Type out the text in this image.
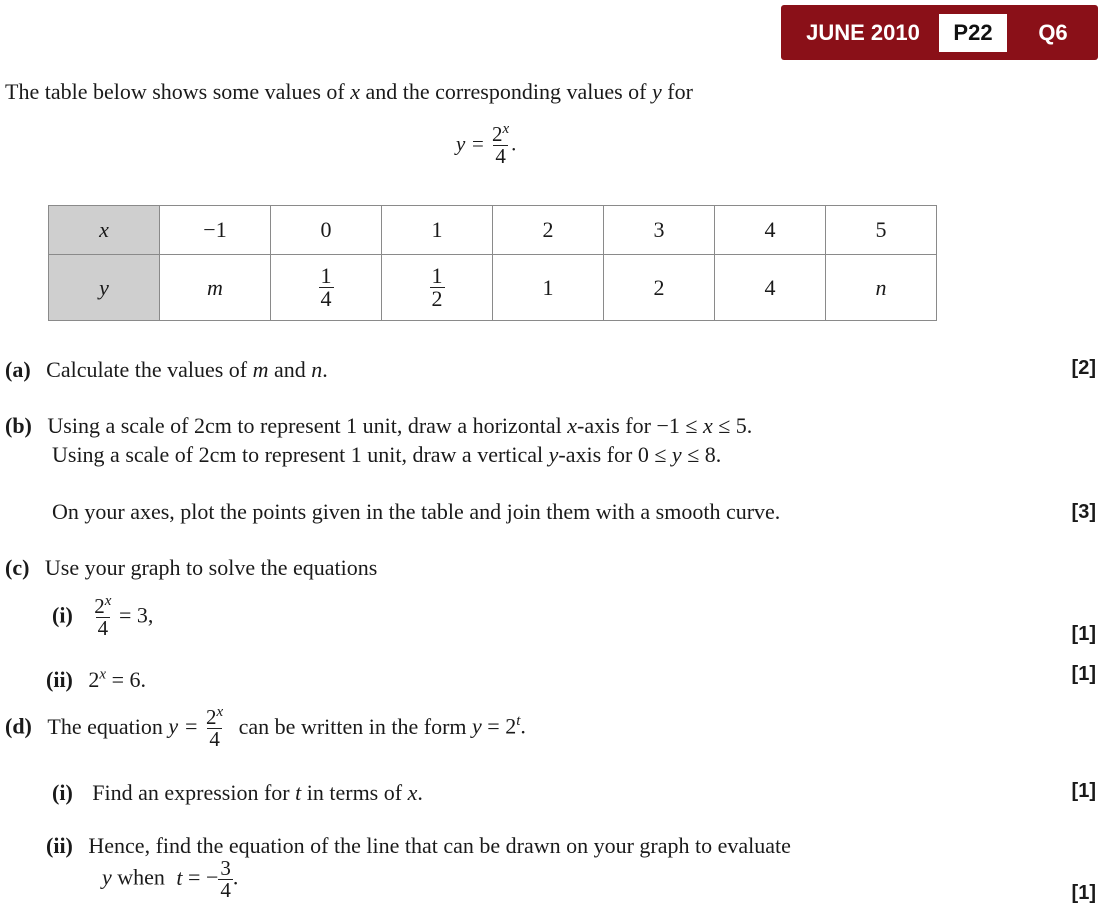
JUNE 2010	P22	Q6
The table below shows some values of x and the corresponding values of y for
$y = \frac{2^x}{4}$ .
x	−1	0	1	2	3	4	5
y	m	$\frac{1}{4}$	$\frac{1}{2}$	1	2	4	n
(a) Calculate the values of m and n.	[2]
(b) Using a scale of 2cm to represent 1 unit, draw a horizontal x-axis for −1 ≤ x ≤ 5.
Using a scale of 2cm to represent 1 unit, draw a vertical y-axis for 0 ≤ y ≤ 8.
On your axes, plot the points given in the table and join them with a smooth curve.	[3]
(c) Use your graph to solve the equations
$(i) \frac{2^x}{4} = 3$,
[1]
(ii) $2^x = 6$.	[1]
(d) The equation $y = \frac{2^x}{4}$ can be written in the form $y = 2^t$.
(i) Find an expression for t in terms of x.	[1]
(ii) Hence, find the equation of the line that can be drawn on your graph to evaluate
y when t = − $\frac{3}{4}$ .
[1]
